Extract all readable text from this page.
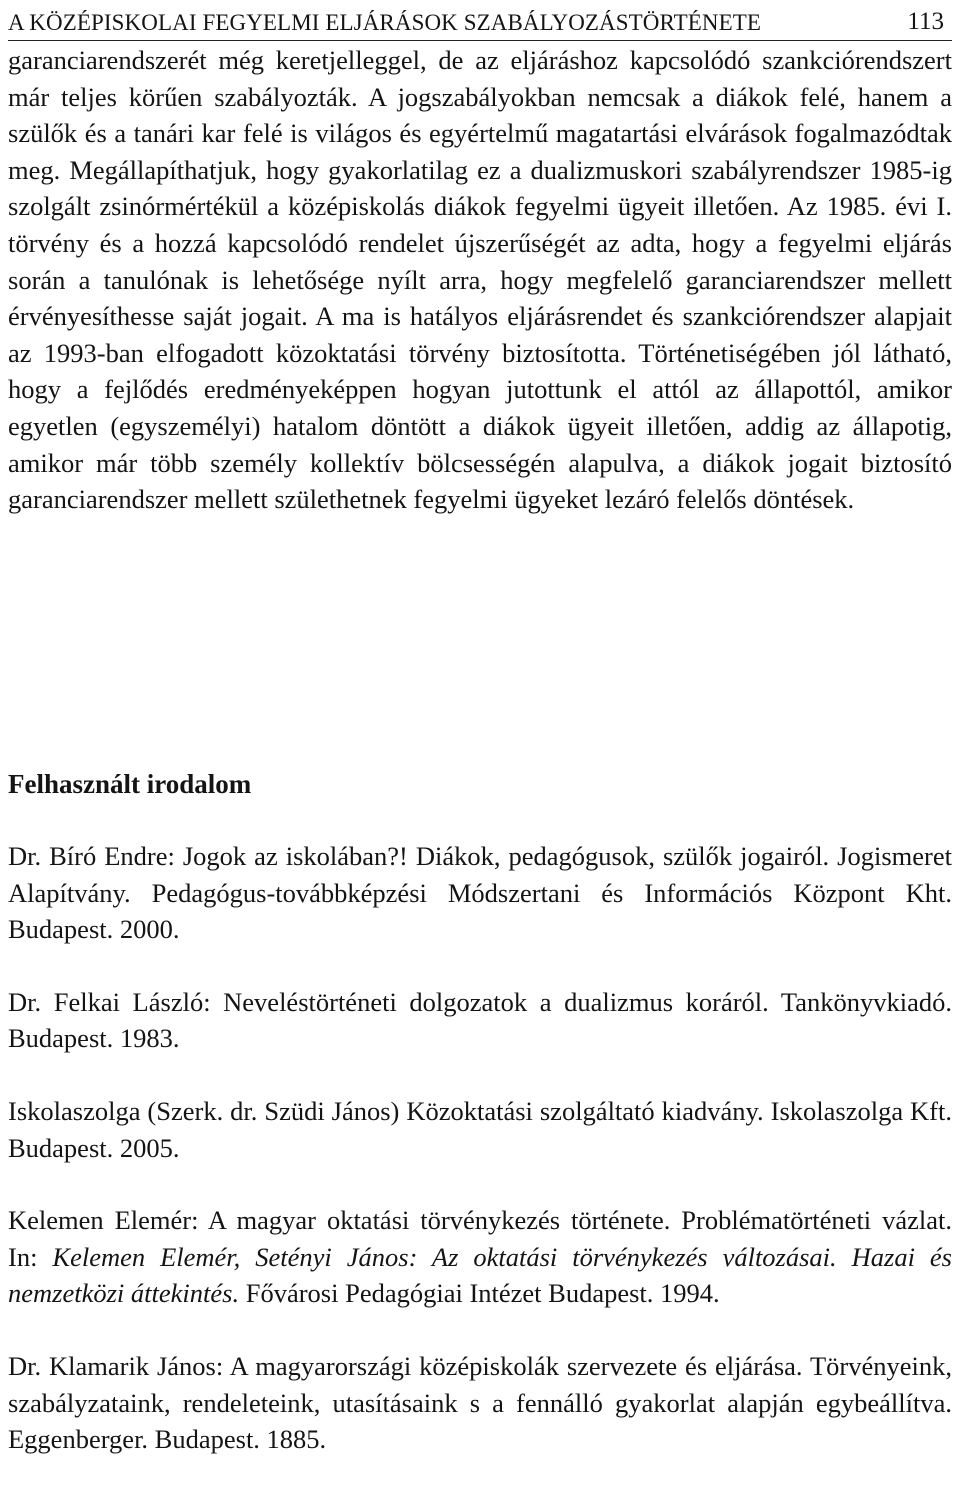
A KÖZÉPISKOLAI FEGYELMI ELJÁRÁSOK SZABÁLYOZÁSTÖRTÉNETE	113

garanciarendszerét még keretjelleggel, de az eljáráshoz kapcsolódó szankciórendszert már teljes körűen szabályozták. A jogszabályokban nemcsak a diákok felé, hanem a szülők és a tanári kar felé is világos és egyértelmű magatartási elvárások fogalmazódtak meg. Megállapíthatjuk, hogy gyakorlatilag ez a dualizmuskori szabályrendszer 1985-ig szolgált zsinórmértékül a középiskolás diákok fegyelmi ügyeit illetően. Az 1985. évi I. törvény és a hozzá kapcsolódó rendelet újszerűségét az adta, hogy a fegyelmi eljárás során a tanulónak is lehetősége nyílt arra, hogy megfelelő garanciarendszer mellett érvényesíthesse saját jogait. A ma is hatályos eljárásrendet és szankciórendszer alapjait az 1993-ban elfogadott közoktatási törvény biztosította. Történetiségében jól látható, hogy a fejlődés eredményeképpen hogyan jutottunk el attól az állapottól, amikor egyetlen (egyszemélyi) hatalom döntött a diákok ügyeit illetően, addig az állapotig, amikor már több személy kollektív bölcsességén alapulva, a diákok jogait biztosító garanciarendszer mellett születhetnek fegyelmi ügyeket lezáró felelős döntések.

Felhasznált irodalom

Dr. Bíró Endre: Jogok az iskolában?! Diákok, pedagógusok, szülők jogairól. Jogismeret Alapítvány. Pedagógus-továbbképzési Módszertani és Információs Központ Kht. Budapest. 2000.

Dr. Felkai László: Neveléstörténeti dolgozatok a dualizmus koráról. Tankönyvkiadó. Budapest. 1983.

Iskolaszolga (Szerk. dr. Szüdi János) Közoktatási szolgáltató kiadvány. Iskolaszolga Kft. Budapest. 2005.

Kelemen Elemér: A magyar oktatási törvénykezés története. Problématörténeti vázlat. In: Kelemen Elemér, Setényi János: Az oktatási törvénykezés változásai. Hazai és nemzetközi áttekintés. Fővárosi Pedagógiai Intézet Budapest. 1994.

Dr. Klamarik János: A magyarországi középiskolák szervezete és eljárása. Törvényeink, szabályzataink, rendeleteink, utasításaink s a fennálló gyakorlat alapján egybeállítva. Eggenberger. Budapest. 1885.
